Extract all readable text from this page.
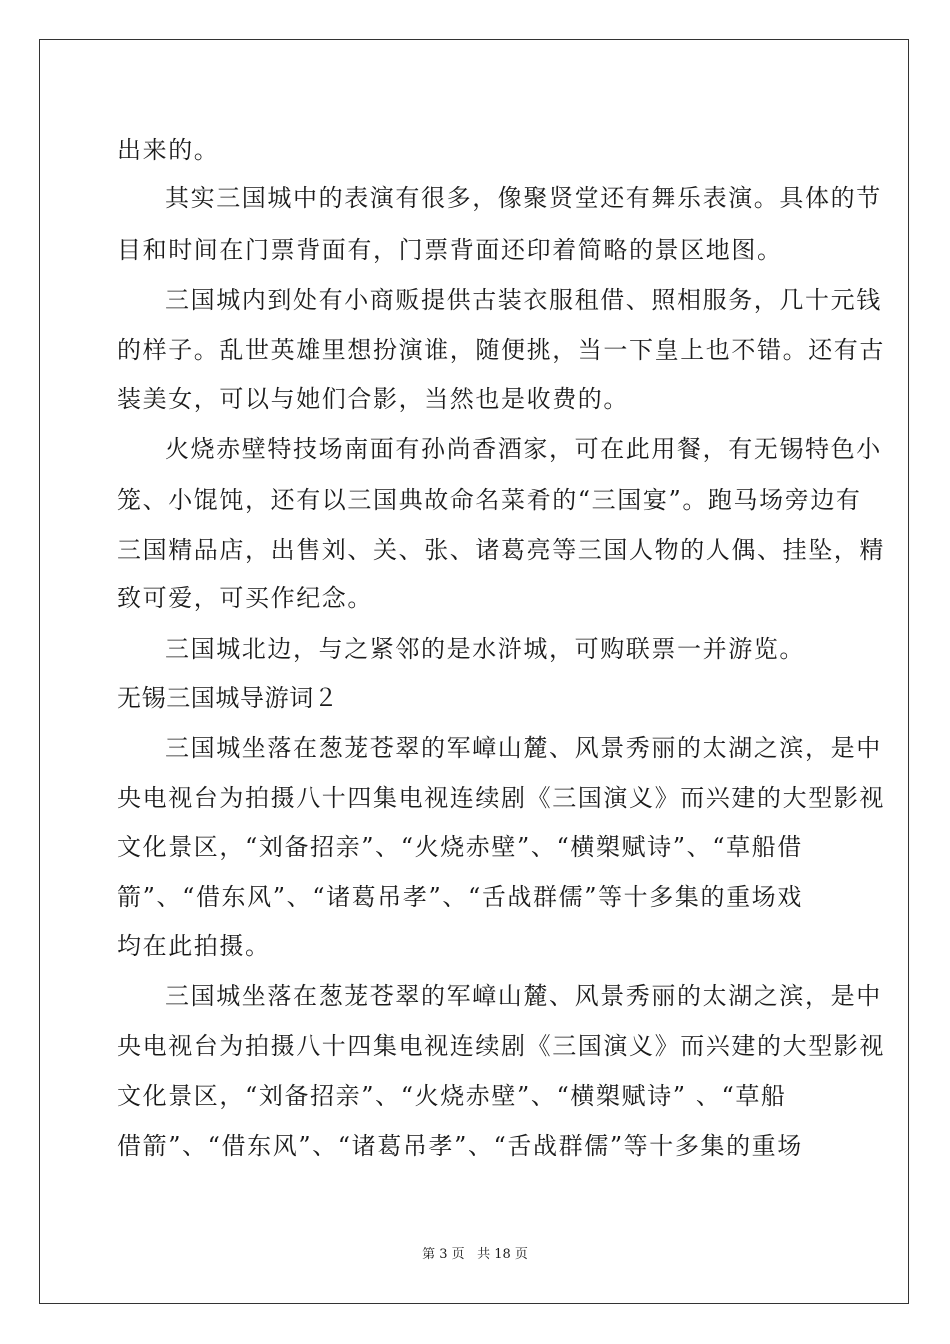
出来的。
其实三国城中的表演有很多，像聚贤堂还有舞乐表演。具体的节
目和时间在门票背面有，门票背面还印着简略的景区地图。
三国城内到处有小商贩提供古装衣服租借、照相服务，几十元钱
的样子。乱世英雄里想扮演谁，随便挑，当一下皇上也不错。还有古
装美女，可以与她们合影，当然也是收费的。
火烧赤壁特技场南面有孙尚香酒家，可在此用餐，有无锡特色小
笼、小馄饨，还有以三国典故命名菜肴的“三国宴”。跑马场旁边有
三国精品店，出售刘、关、张、诸葛亮等三国人物的人偶、挂坠，精
致可爱，可买作纪念。
三国城北边，与之紧邻的是水浒城，可购联票一并游览。
无锡三国城导游词２
三国城坐落在葱茏苍翠的军嶂山麓、风景秀丽的太湖之滨，是中
央电视台为拍摄八十四集电视连续剧《三国演义》而兴建的大型影视
文化景区，“刘备招亲”、“火烧赤壁”、“横槊赋诗”、“草船借
箭”、“借东风”、“诸葛吊孝”、“舌战群儒”等十多集的重场戏
均在此拍摄。
三国城坐落在葱茏苍翠的军嶂山麓、风景秀丽的太湖之滨，是中
央电视台为拍摄八十四集电视连续剧《三国演义》而兴建的大型影视
文化景区，“刘备招亲”、“火烧赤壁”、“横槊赋诗” 、“草船
借箭”、“借东风”、“诸葛吊孝”、“舌战群儒”等十多集的重场
第 3 页 共 18 页
